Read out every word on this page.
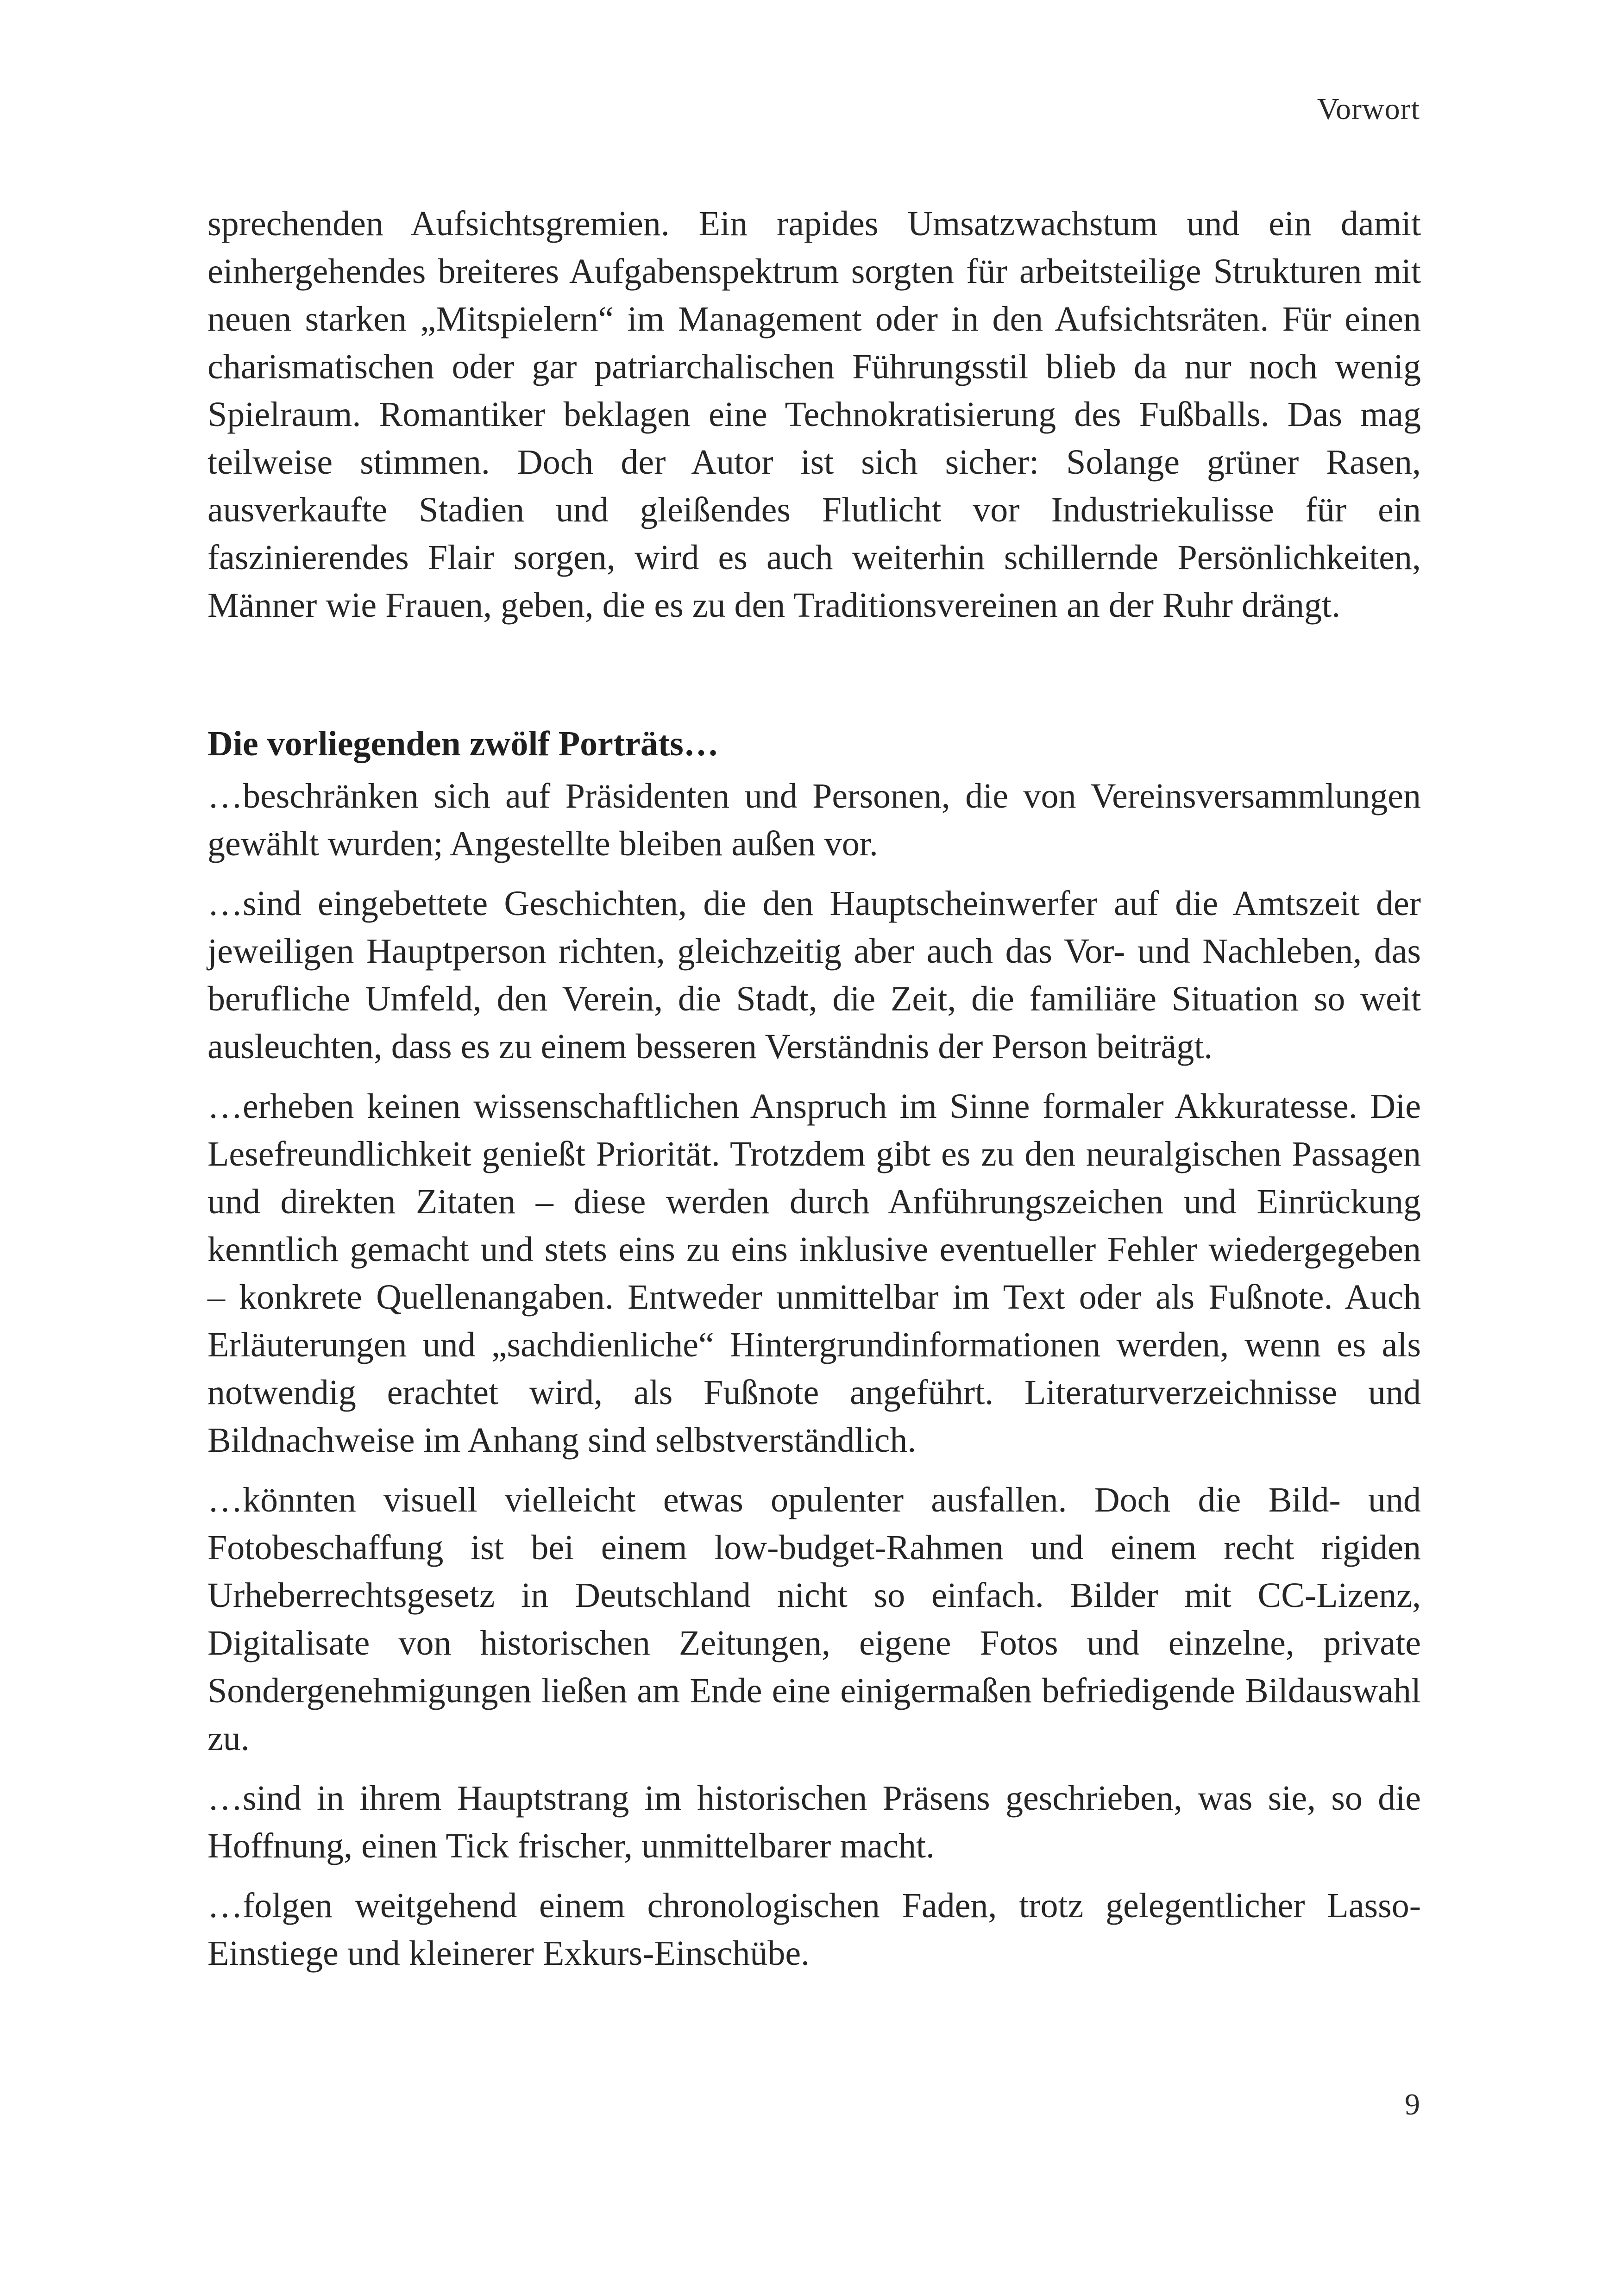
Vorwort

sprechenden Aufsichtsgremien. Ein rapides Umsatzwachstum und ein damit einhergehendes breiteres Aufgabenspektrum sorgten für arbeitsteilige Strukturen mit neuen starken „Mitspielern“ im Management oder in den Aufsichtsräten. Für einen charismatischen oder gar patriarchalischen Führungsstil blieb da nur noch wenig Spielraum. Romantiker beklagen eine Technokratisierung des Fußballs. Das mag teilweise stimmen. Doch der Autor ist sich sicher: Solange grüner Rasen, ausverkaufte Stadien und gleißendes Flutlicht vor Industriekulisse für ein faszinierendes Flair sorgen, wird es auch weiterhin schillernde Persönlichkeiten, Männer wie Frauen, geben, die es zu den Traditionsvereinen an der Ruhr drängt.

Die vorliegenden zwölf Porträts…

…beschränken sich auf Präsidenten und Personen, die von Vereinsversammlungen gewählt wurden; Angestellte bleiben außen vor.

…sind eingebettete Geschichten, die den Hauptscheinwerfer auf die Amtszeit der jeweiligen Hauptperson richten, gleichzeitig aber auch das Vor- und Nachleben, das berufliche Umfeld, den Verein, die Stadt, die Zeit, die familiäre Situation so weit ausleuchten, dass es zu einem besseren Verständnis der Person beiträgt.

…erheben keinen wissenschaftlichen Anspruch im Sinne formaler Akkuratesse. Die Lesefreundlichkeit genießt Priorität. Trotzdem gibt es zu den neuralgischen Passagen und direkten Zitaten – diese werden durch Anführungszeichen und Einrückung kenntlich gemacht und stets eins zu eins inklusive eventueller Fehler wiedergegeben – konkrete Quellenangaben. Entweder unmittelbar im Text oder als Fußnote. Auch Erläuterungen und „sachdienliche“ Hintergrundinformationen werden, wenn es als notwendig erachtet wird, als Fußnote angeführt. Literaturverzeichnisse und Bildnachweise im Anhang sind selbstverständlich.

…könnten visuell vielleicht etwas opulenter ausfallen. Doch die Bild- und Fotobeschaffung ist bei einem low-budget-Rahmen und einem recht rigiden Urheberrechtsgesetz in Deutschland nicht so einfach. Bilder mit CC-Lizenz, Digitalisate von historischen Zeitungen, eigene Fotos und einzelne, private Sondergenehmigungen ließen am Ende eine einigermaßen befriedigende Bildauswahl zu.

…sind in ihrem Hauptstrang im historischen Präsens geschrieben, was sie, so die Hoffnung, einen Tick frischer, unmittelbarer macht.

…folgen weitgehend einem chronologischen Faden, trotz gelegentlicher Lasso-Einstiege und kleinerer Exkurs-Einschübe.

9
